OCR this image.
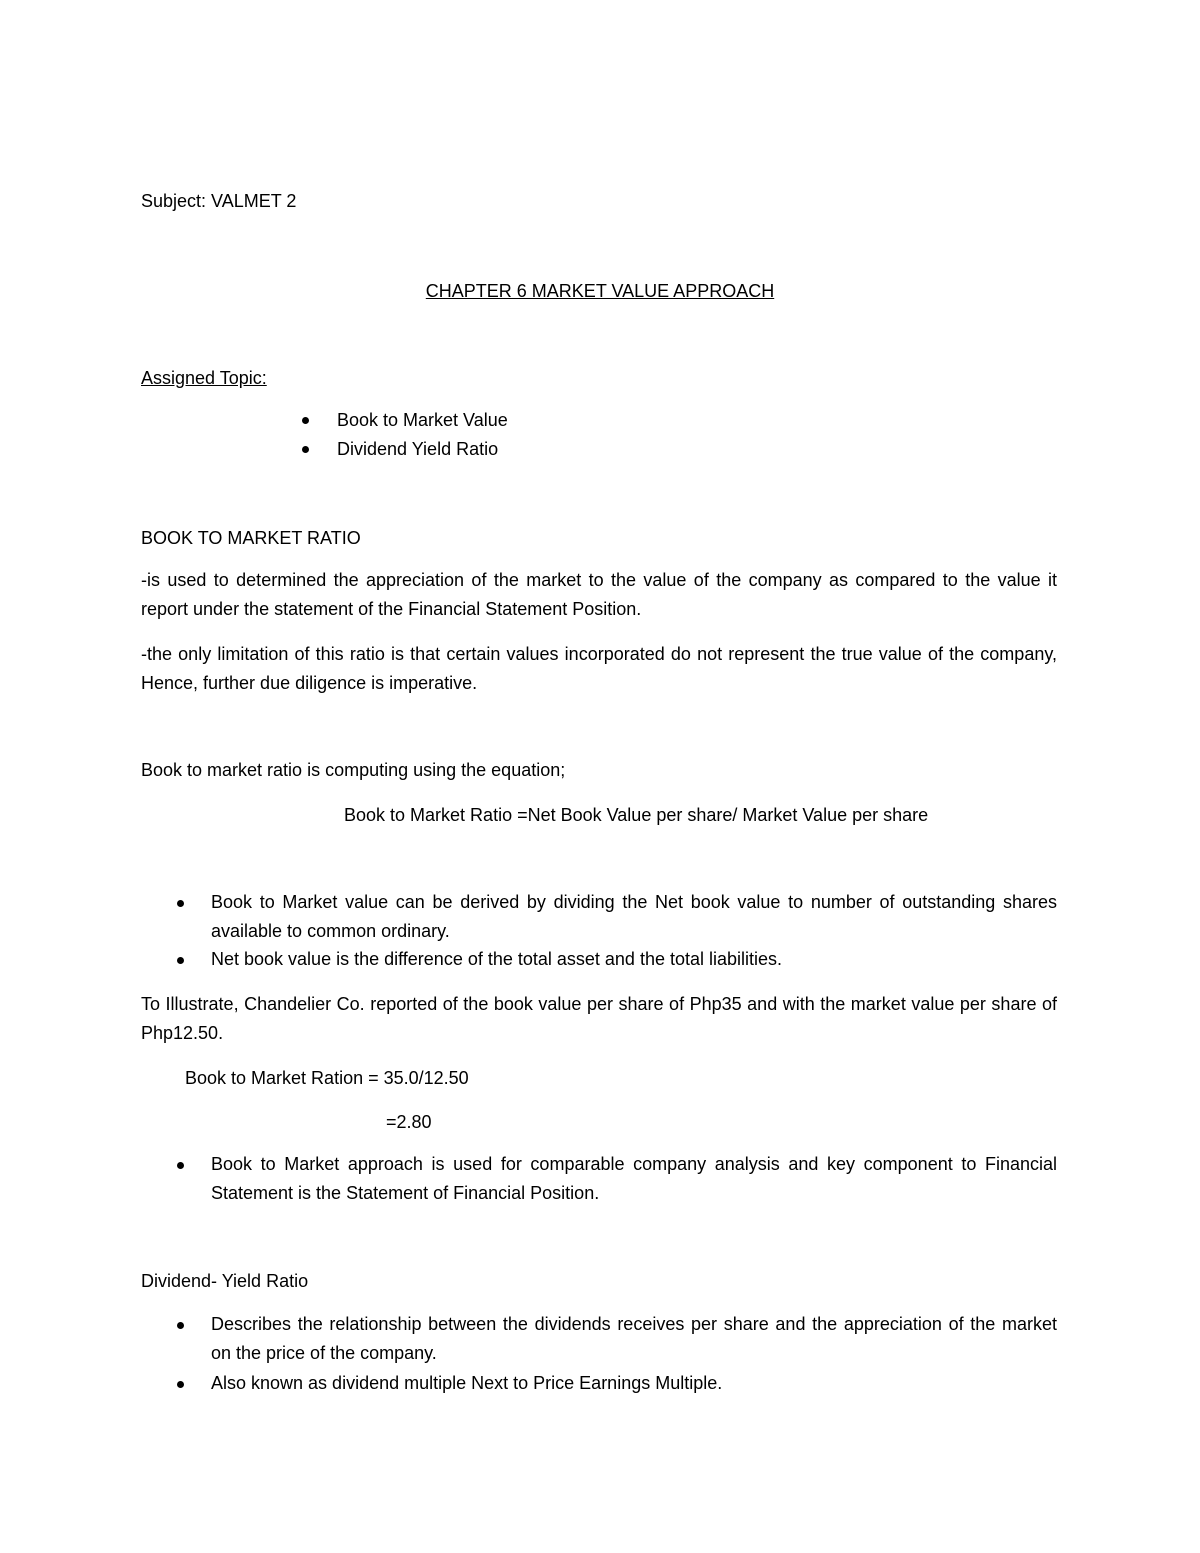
Subject: VALMET 2
CHAPTER 6 MARKET VALUE APPROACH
Assigned Topic:
Book to Market Value
Dividend Yield Ratio
BOOK TO MARKET RATIO
-is used to determined the appreciation of the market to the value of the company as compared to the value it report under the statement of the Financial Statement Position.
-the only limitation of this ratio is that certain values incorporated do not represent the true value of the company, Hence, further due diligence is imperative.
Book to market ratio is computing using the equation;
Book to Market Ratio =Net Book Value per share/ Market Value per share
Book to Market value can be derived by dividing the Net book value to number of outstanding shares available to common ordinary.
Net book value is the difference of the total asset and the total liabilities.
To Illustrate, Chandelier Co. reported of the book value per share of Php35 and with the market value per share of Php12.50.
Book to Market Ration = 35.0/12.50
=2.80
Book to Market approach is used for comparable company analysis and key component to Financial Statement is the Statement of Financial Position.
Dividend- Yield Ratio
Describes the relationship between the dividends receives per share and the appreciation of the market on the price of the company.
Also known as dividend multiple Next to Price Earnings Multiple.
